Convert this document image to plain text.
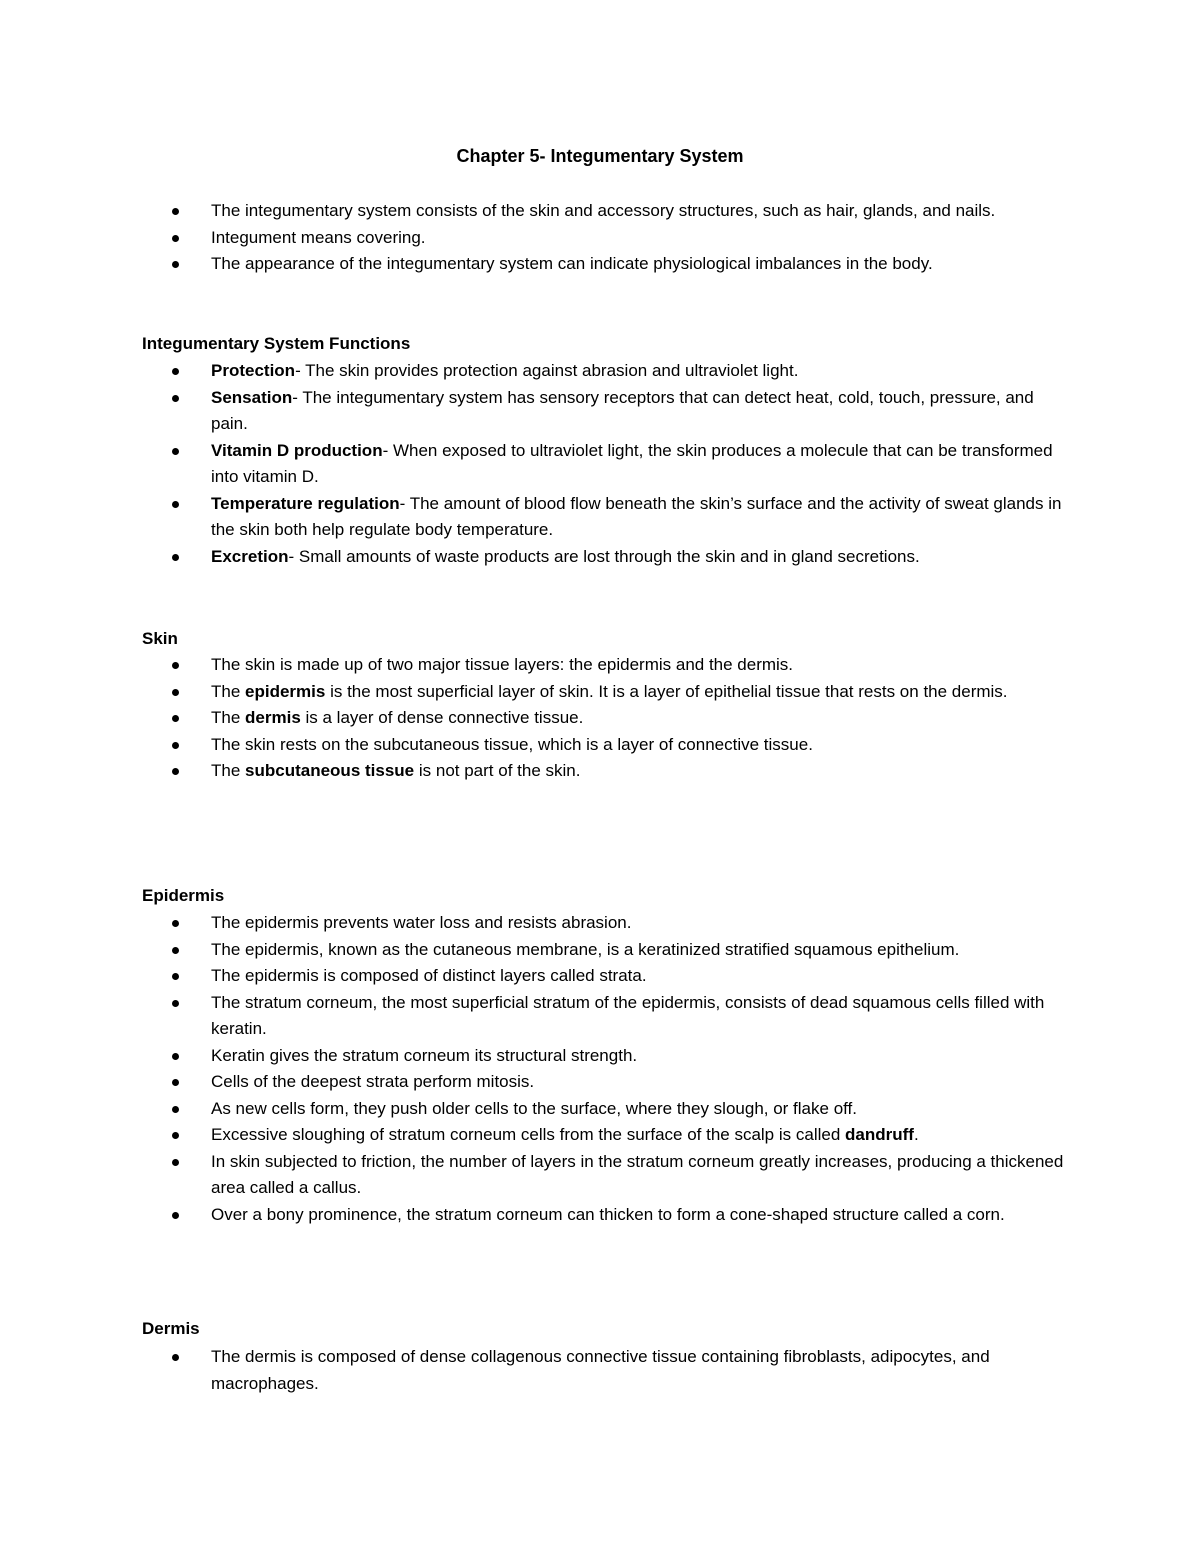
Chapter 5- Integumentary System
The integumentary system consists of the skin and accessory structures, such as hair, glands, and nails.
Integument means covering.
The appearance of the integumentary system can indicate physiological imbalances in the body.
Integumentary System Functions
Protection- The skin provides protection against abrasion and ultraviolet light.
Sensation- The integumentary system has sensory receptors that can detect heat, cold, touch, pressure, and pain.
Vitamin D production- When exposed to ultraviolet light, the skin produces a molecule that can be transformed into vitamin D.
Temperature regulation- The amount of blood flow beneath the skin’s surface and the activity of sweat glands in the skin both help regulate body temperature.
Excretion- Small amounts of waste products are lost through the skin and in gland secretions.
Skin
The skin is made up of two major tissue layers: the epidermis and the dermis.
The epidermis is the most superficial layer of skin. It is a layer of epithelial tissue that rests on the dermis.
The dermis is a layer of dense connective tissue.
The skin rests on the subcutaneous tissue, which is a layer of connective tissue.
The subcutaneous tissue is not part of the skin.
Epidermis
The epidermis prevents water loss and resists abrasion.
The epidermis, known as the cutaneous membrane, is a keratinized stratified squamous epithelium.
The epidermis is composed of distinct layers called strata.
The stratum corneum, the most superficial stratum of the epidermis, consists of dead squamous cells filled with keratin.
Keratin gives the stratum corneum its structural strength.
Cells of the deepest strata perform mitosis.
As new cells form, they push older cells to the surface, where they slough, or flake off.
Excessive sloughing of stratum corneum cells from the surface of the scalp is called dandruff.
In skin subjected to friction, the number of layers in the stratum corneum greatly increases, producing a thickened area called a callus.
Over a bony prominence, the stratum corneum can thicken to form a cone-shaped structure called a corn.
Dermis
The dermis is composed of dense collagenous connective tissue containing fibroblasts, adipocytes, and macrophages.
